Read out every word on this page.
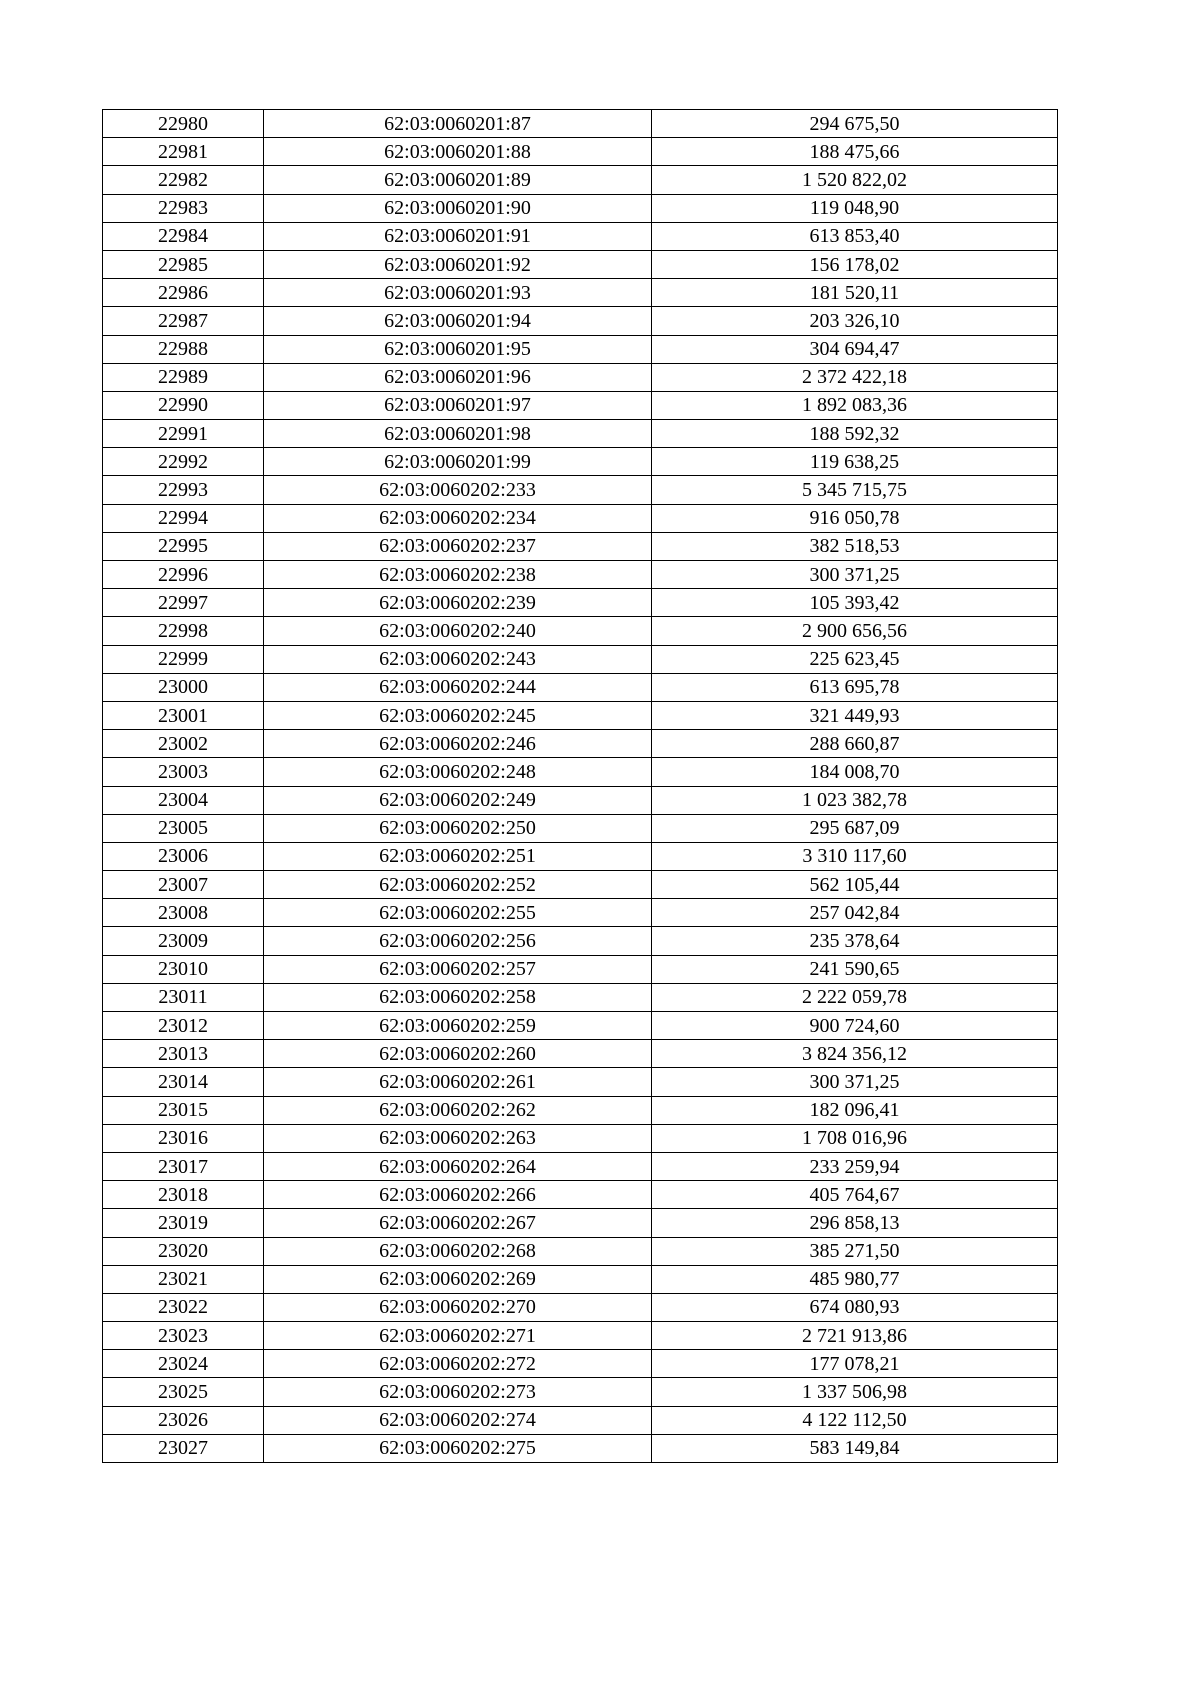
22980	62:03:0060201:87	294 675,50
22981	62:03:0060201:88	188 475,66
22982	62:03:0060201:89	1 520 822,02
22983	62:03:0060201:90	119 048,90
22984	62:03:0060201:91	613 853,40
22985	62:03:0060201:92	156 178,02
22986	62:03:0060201:93	181 520,11
22987	62:03:0060201:94	203 326,10
22988	62:03:0060201:95	304 694,47
22989	62:03:0060201:96	2 372 422,18
22990	62:03:0060201:97	1 892 083,36
22991	62:03:0060201:98	188 592,32
22992	62:03:0060201:99	119 638,25
22993	62:03:0060202:233	5 345 715,75
22994	62:03:0060202:234	916 050,78
22995	62:03:0060202:237	382 518,53
22996	62:03:0060202:238	300 371,25
22997	62:03:0060202:239	105 393,42
22998	62:03:0060202:240	2 900 656,56
22999	62:03:0060202:243	225 623,45
23000	62:03:0060202:244	613 695,78
23001	62:03:0060202:245	321 449,93
23002	62:03:0060202:246	288 660,87
23003	62:03:0060202:248	184 008,70
23004	62:03:0060202:249	1 023 382,78
23005	62:03:0060202:250	295 687,09
23006	62:03:0060202:251	3 310 117,60
23007	62:03:0060202:252	562 105,44
23008	62:03:0060202:255	257 042,84
23009	62:03:0060202:256	235 378,64
23010	62:03:0060202:257	241 590,65
23011	62:03:0060202:258	2 222 059,78
23012	62:03:0060202:259	900 724,60
23013	62:03:0060202:260	3 824 356,12
23014	62:03:0060202:261	300 371,25
23015	62:03:0060202:262	182 096,41
23016	62:03:0060202:263	1 708 016,96
23017	62:03:0060202:264	233 259,94
23018	62:03:0060202:266	405 764,67
23019	62:03:0060202:267	296 858,13
23020	62:03:0060202:268	385 271,50
23021	62:03:0060202:269	485 980,77
23022	62:03:0060202:270	674 080,93
23023	62:03:0060202:271	2 721 913,86
23024	62:03:0060202:272	177 078,21
23025	62:03:0060202:273	1 337 506,98
23026	62:03:0060202:274	4 122 112,50
23027	62:03:0060202:275	583 149,84
